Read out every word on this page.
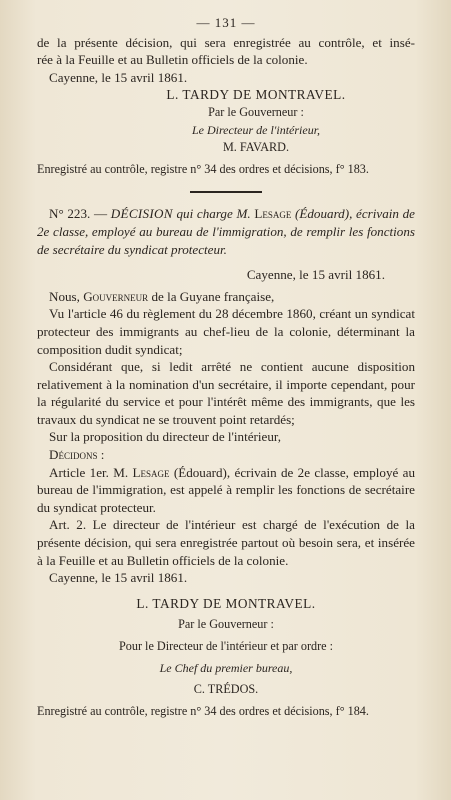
— 131 —

de la présente décision, qui sera enregistrée au contrôle, et insé-

rée à la Feuille et au Bulletin officiels de la colonie.

Cayenne, le 15 avril 1861.

L. TARDY DE MONTRAVEL.
Par le Gouverneur :
Le Directeur de l'intérieur,
M. FAVARD.

Enregistré au contrôle, registre n° 34 des ordres et décisions, f° 183.

N° 223. — DÉCISION qui charge M. Lesage (Édouard), écrivain de 2e classe, employé au bureau de l'immigration, de remplir les fonctions de secrétaire du syndicat protecteur.

Cayenne, le 15 avril 1861.

Nous, Gouverneur de la Guyane française,

Vu l'article 46 du règlement du 28 décembre 1860, créant un syndicat protecteur des immigrants au chef-lieu de la colonie, déterminant la composition dudit syndicat;

Considérant que, si ledit arrêté ne contient aucune disposition relativement à la nomination d'un secrétaire, il importe cependant, pour la régularité du service et pour l'intérêt même des immigrants, que les travaux du syndicat ne se trouvent point retardés;

Sur la proposition du directeur de l'intérieur,

Décidons :

Article 1er. M. Lesage (Édouard), écrivain de 2e classe, employé au bureau de l'immigration, est appelé à remplir les fonctions de secrétaire du syndicat protecteur.

Art. 2. Le directeur de l'intérieur est chargé de l'exécution de la présente décision, qui sera enregistrée partout où besoin sera, et insérée à la Feuille et au Bulletin officiels de la colonie.

Cayenne, le 15 avril 1861.

L. TARDY DE MONTRAVEL.
Par le Gouverneur :
Pour le Directeur de l'intérieur et par ordre :
Le Chef du premier bureau,
C. TRÉDOS.

Enregistré au contrôle, registre n° 34 des ordres et décisions, f° 184.
